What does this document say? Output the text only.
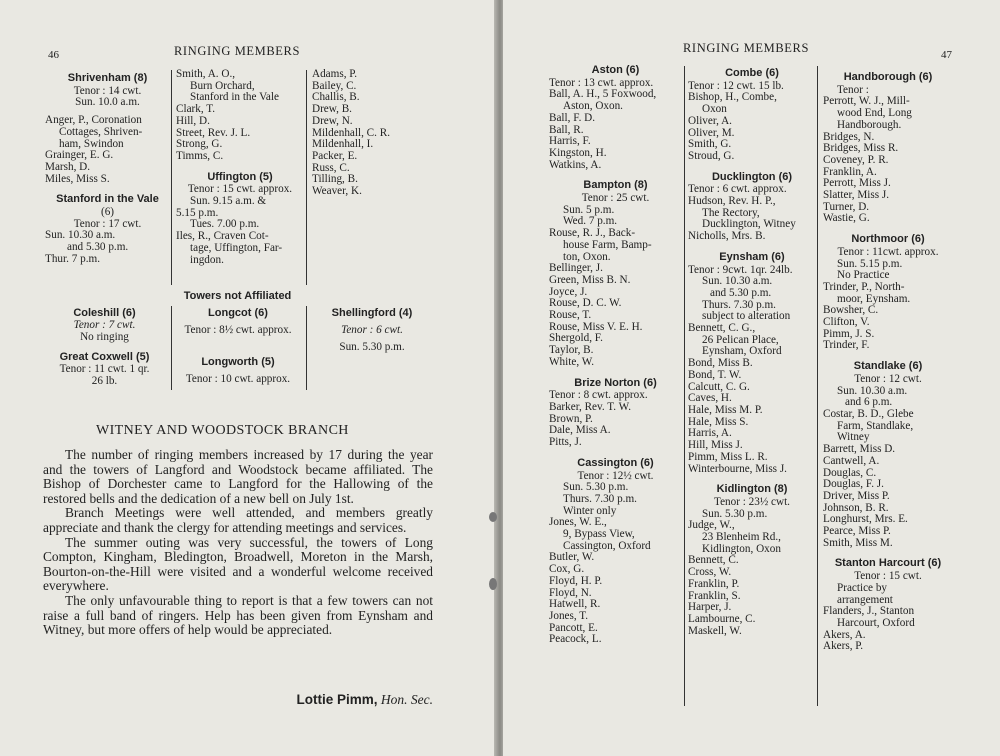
46	RINGING MEMBERS
Shrivenham (8)
Tenor : 14 cwt.
Sun. 10.0 a.m.
Anger, P., Coronation
Cottages, Shriven-
ham, Swindon
Grainger, E. G.
Marsh, D.
Miles, Miss S.
Stanford in the Vale
(6)
Tenor : 17 cwt.
Sun. 10.30 a.m.
and 5.30 p.m.
Thur. 7 p.m.
Smith, A. O.,
Burn Orchard,
Stanford in the Vale
Clark, T.
Hill, D.
Street, Rev. J. L.
Strong, G.
Timms, C.
Uffington (5)
Tenor : 15 cwt. approx.
Sun. 9.15 a.m. &
5.15 p.m.
Tues. 7.00 p.m.
Iles, R., Craven Cot-
tage, Uffington, Far-
ingdon.
Adams, P.
Bailey, C.
Challis, B.
Drew, B.
Drew, N.
Mildenhall, C. R.
Mildenhall, I.
Packer, E.
Russ, C.
Tilling, B.
Weaver, K.
Towers not Affiliated
Coleshill (6)
Tenor : 7 cwt.
No ringing
Great Coxwell (5)
Tenor : 11 cwt. 1 qr.
26 lb.
Longcot (6)
Tenor : 8½ cwt. approx.
Longworth (5)
Tenor : 10 cwt. approx.
Shellingford (4)
Tenor : 6 cwt.
Sun. 5.30 p.m.
WITNEY AND WOODSTOCK BRANCH

The number of ringing members increased by 17 during the year and the towers of Langford and Woodstock became affiliated. The Bishop of Dorchester came to Langford for the Hallowing of the restored bells and the dedication of a new bell on July 1st.

Branch Meetings were well attended, and members greatly appreciate and thank the clergy for attending meetings and services.

The summer outing was very successful, the towers of Long Compton, Kingham, Bledington, Broadwell, Moreton in the Marsh, Bourton-on-the-Hill were visited and a wonderful welcome received everywhere.

The only unfavourable thing to report is that a few towers can not raise a full band of ringers. Help has been given from Eynsham and Witney, but more offers of help would be appreciated.

Lottie Pimm, Hon. Sec.
RINGING MEMBERS	47
Aston (6)
Tenor : 13 cwt. approx.
Ball, A. H., 5 Foxwood,
Aston, Oxon.
Ball, F. D.
Ball, R.
Harris, F.
Kingston, H.
Watkins, A.
Bampton (8)
Tenor : 25 cwt.
Sun. 5 p.m.
Wed. 7 p.m.
Rouse, R. J., Back-
house Farm, Bamp-
ton, Oxon.
Bellinger, J.
Green, Miss B. N.
Joyce, J.
Rouse, D. C. W.
Rouse, T.
Rouse, Miss V. E. H.
Shergold, F.
Taylor, B.
White, W.
Brize Norton (6)
Tenor : 8 cwt. approx.
Barker, Rev. T. W.
Brown, P.
Dale, Miss A.
Pitts, J.
Cassington (6)
Tenor : 12½ cwt.
Sun. 5.30 p.m.
Thurs. 7.30 p.m.
Winter only
Jones, W. E.,
9, Bypass View,
Cassington, Oxford
Butler, W.
Cox, G.
Floyd, H. P.
Floyd, N.
Hatwell, R.
Jones, T.
Pancott, E.
Peacock, L.
Combe (6)
Tenor : 12 cwt. 15 lb.
Bishop, H., Combe,
Oxon
Oliver, A.
Oliver, M.
Smith, G.
Stroud, G.
Ducklington (6)
Tenor : 6 cwt. approx.
Hudson, Rev. H. P.,
The Rectory,
Ducklington, Witney
Nicholls, Mrs. B.
Eynsham (6)
Tenor : 9cwt. 1qr. 24lb.
Sun. 10.30 a.m.
and 5.30 p.m.
Thurs. 7.30 p.m.
subject to alteration
Bennett, C. G.,
26 Pelican Place,
Eynsham, Oxford
Bond, Miss B.
Bond, T. W.
Calcutt, C. G.
Caves, H.
Hale, Miss M. P.
Hale, Miss S.
Harris, A.
Hill, Miss J.
Pimm, Miss L. R.
Winterbourne, Miss J.
Kidlington (8)
Tenor : 23½ cwt.
Sun. 5.30 p.m.
Judge, W.,
23 Blenheim Rd.,
Kidlington, Oxon
Bennett, C.
Cross, W.
Franklin, P.
Franklin, S.
Harper, J.
Lambourne, C.
Maskell, W.
Handborough (6)
Tenor :
Perrott, W. J., Mill-
wood End, Long
Handborough.
Bridges, N.
Bridges, Miss R.
Coveney, P. R.
Franklin, A.
Perrott, Miss J.
Slatter, Miss J.
Turner, D.
Wastie, G.
Northmoor (6)
Tenor : 11cwt. approx.
Sun. 5.15 p.m.
No Practice
Trinder, P., North-
moor, Eynsham.
Bowsher, C.
Clifton, V.
Pimm, J. S.
Trinder, F.
Standlake (6)
Tenor : 12 cwt.
Sun. 10.30 a.m.
and 6 p.m.
Costar, B. D., Glebe
Farm, Standlake,
Witney
Barrett, Miss D.
Cantwell, A.
Douglas, C.
Douglas, F. J.
Driver, Miss P.
Johnson, B. R.
Longhurst, Mrs. E.
Pearce, Miss P.
Smith, Miss M.
Stanton Harcourt (6)
Tenor : 15 cwt.
Practice by
arrangement
Flanders, J., Stanton
Harcourt, Oxford
Akers, A.
Akers, P.
